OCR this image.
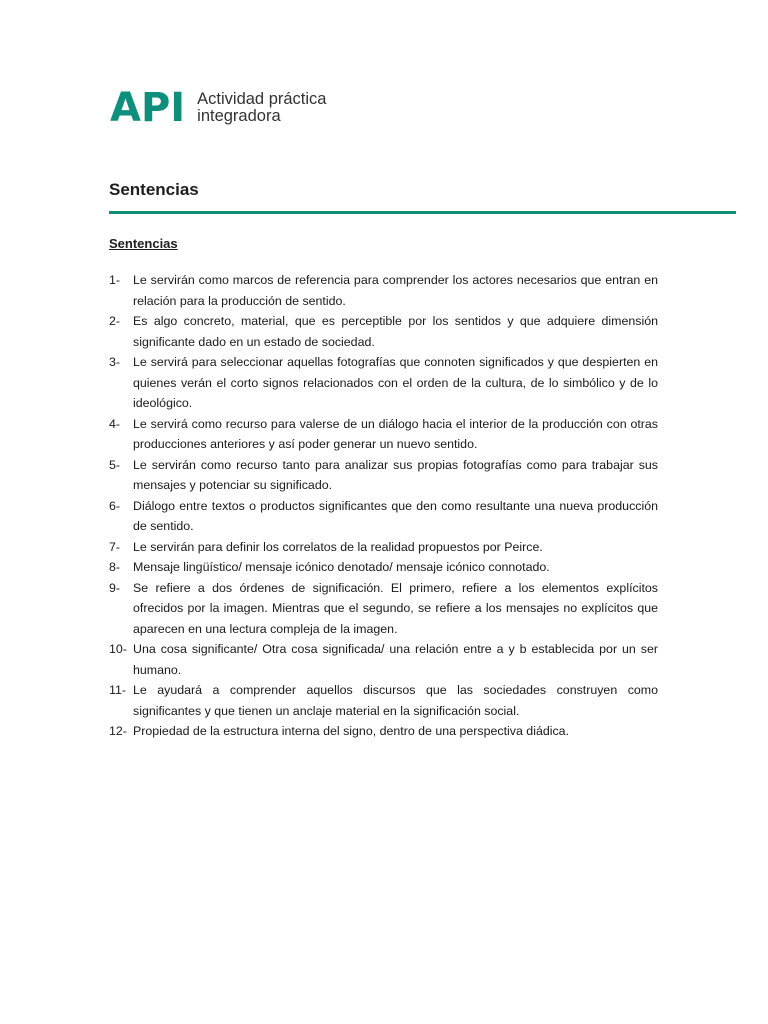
API Actividad práctica
integradora
Sentencias
Sentencias
1-	Le servirán como marcos de referencia para comprender los actores necesarios que entran en relación para la producción de sentido.
2-	Es algo concreto, material, que es perceptible por los sentidos y que adquiere dimensión significante dado en un estado de sociedad.
3-	Le servirá para seleccionar aquellas fotografías que connoten significados y que despierten en quienes verán el corto signos relacionados con el orden de la cultura, de lo simbólico y de lo ideológico.
4-	Le servirá como recurso para valerse de un diálogo hacia el interior de la producción con otras producciones anteriores y así poder generar un nuevo sentido.
5-	Le servirán como recurso tanto para analizar sus propias fotografías como para trabajar sus mensajes y potenciar su significado.
6-	Diálogo entre textos o productos significantes que den como resultante una nueva producción de sentido.
7-	Le servirán para definir los correlatos de la realidad propuestos por Peirce.
8-	Mensaje lingüístico/ mensaje icónico denotado/ mensaje icónico connotado.
9-	Se refiere a dos órdenes de significación. El primero, refiere a los elementos explícitos ofrecidos por la imagen. Mientras que el segundo, se refiere a los mensajes no explícitos que aparecen en una lectura compleja de la imagen.
10- Una cosa significante/ Otra cosa significada/ una relación entre a y b establecida por un ser humano.
11- Le ayudará a comprender aquellos discursos que las sociedades construyen como significantes y que tienen un anclaje material en la significación social.
12- Propiedad de la estructura interna del signo, dentro de una perspectiva diádica.
